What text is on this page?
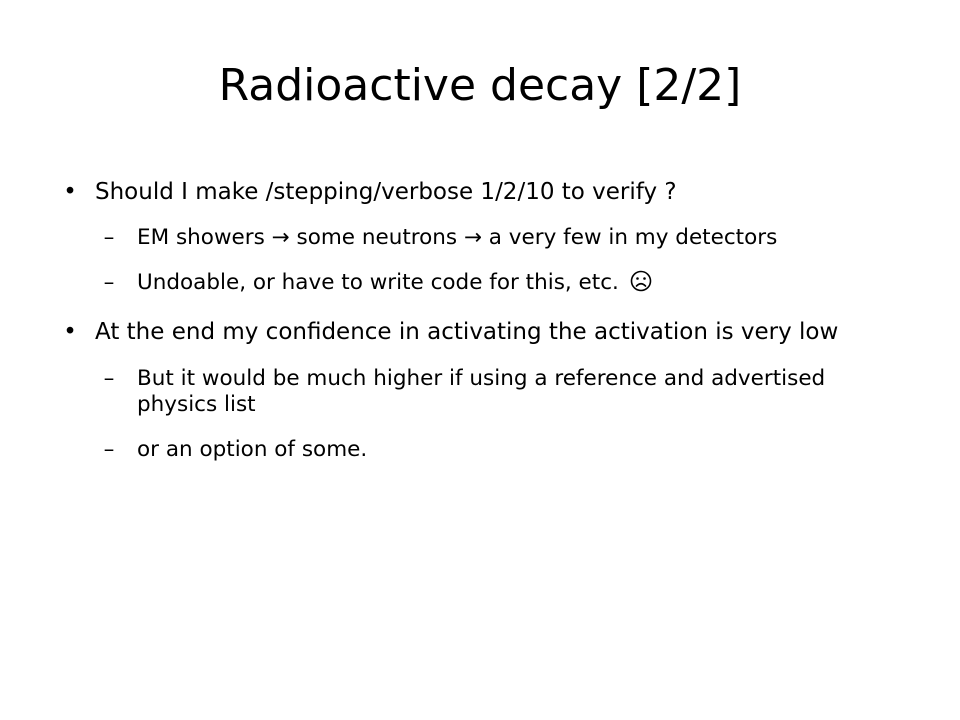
Radioactive decay [2/2]
• Should I make /stepping/verbose 1/2/10 to verify ?
–	EM showers → some neutrons → a very few in my detectors
–	Undoable, or have to write code for this, etc.
• At the end my confidence in activating the activation is very low
–	But it would be much higher if using a reference and advertised physics list
–	or an option of some.
